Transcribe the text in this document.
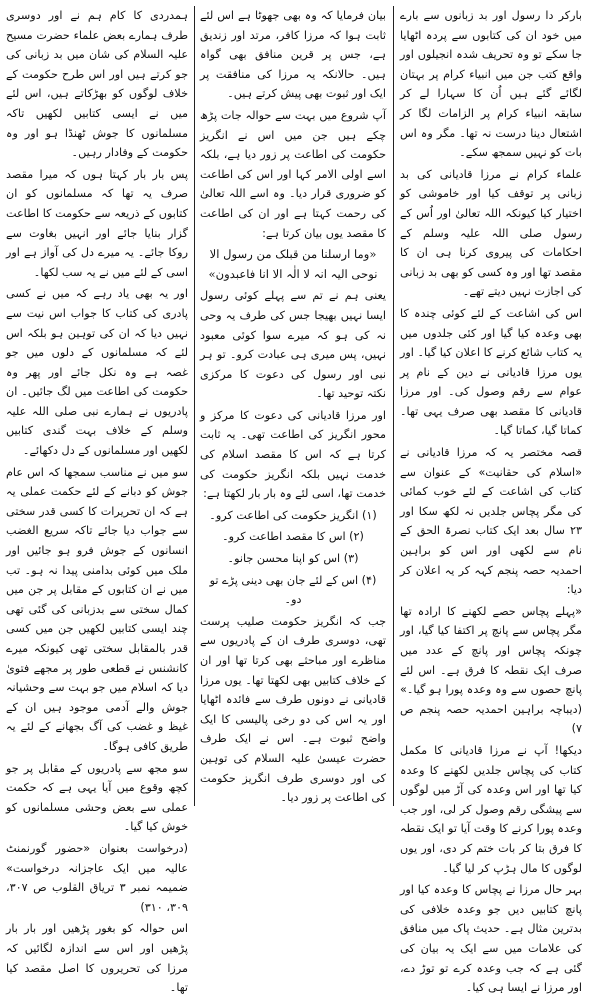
بارکر دا رسول اور بد زبانوں سے بارے میں خود ان کی کتابوں سے پردہ اٹھایا جا سکے تو وہ تحریف شدہ انجیلوں اور واقع کتب جن میں انبیاء کرام پر بہتان لگائے گئے ہیں اُن کا سہارا لے کر سابقہ انبیاء کرام پر الزامات لگا کر اشتعال دینا درست نہ تھا۔ مگر وہ اس بات کو نہیں سمجھ سکے۔

علماء کرام نے مرزا قادیانی کی بد زبانی پر توقف کیا اور خاموشی کو اختیار کیا کیونکہ اللہ تعالیٰ اور اُس کے رسول صلی اللہ علیہ وسلم کے احکامات کی پیروی کرنا ہی ان کا مقصد تھا اور وہ کسی کو بھی بد زبانی کی اجازت نہیں دیتے تھے۔

اس کی اشاعت کے لئے کوئی چندہ کا بھی وعدہ کیا گیا اور کئی جلدوں میں یہ کتاب شائع کرنے کا اعلان کیا گیا۔ اور یوں مرزا قادیانی نے دین کے نام پر عوام سے رقم وصول کی۔ اور مرزا قادیانی کا مقصد بھی صرف یہی تھا۔ کماتا گیا، کماتا گیا۔

قصہ مختصر یہ کہ مرزا قادیانی نے «اسلام کی حقانیت» کے عنوان سے کتاب کی اشاعت کے لئے خوب کمائی کی مگر پچاس جلدیں نہ لکھ سکا اور ۲۳ سال بعد ایک کتاب نصرۃ الحق کے نام سے لکھی اور اس کو براہین احمدیہ حصہ پنجم کہہ کر یہ اعلان کر دیا:

«پہلے پچاس حصے لکھنے کا ارادہ تھا مگر پچاس سے پانچ پر اکتفا کیا گیا، اور چونکہ پچاس اور پانچ کے عدد میں صرف ایک نقطہ کا فرق ہے۔ اس لئے پانچ حصوں سے وہ وعدہ پورا ہو گیا۔» (دیباچہ براہین احمدیہ حصہ پنجم ص ۷)

دیکھا! آپ نے مرزا قادیانی کا مکمل کتاب کی پچاس جلدیں لکھنے کا وعدہ کیا تھا اور اس وعدہ کی آڑ میں لوگوں سے پیشگی رقم وصول کر لی، اور جب وعدہ پورا کرنے کا وقت آیا تو ایک نقطہ کا فرق بتا کر بات ختم کر دی، اور یوں لوگوں کا مال ہڑپ کر لیا گیا۔

بہر حال مرزا نے پچاس کا وعدہ کیا اور پانچ کتابیں دیں جو وعدہ خلافی کی بدترین مثال ہے۔ حدیث پاک میں منافق کی علامات میں سے ایک یہ بیان کی گئی ہے کہ جب وعدہ کرے تو توڑ دے، اور مرزا نے ایسا ہی کیا۔

بیان فرمایا کہ وہ بھی جھوٹا ہے اس لئے ثابت ہوا کہ مرزا کافر، مرتد اور زندیق ہے، جس پر قرین منافق بھی گواہ ہیں۔ حالانکہ یہ مرزا کی منافقت پر ایک اور ثبوت بھی پیش کرتے ہیں۔

آپ شروع میں بہت سے حوالہ جات پڑھ چکے ہیں جن میں اس نے انگریز حکومت کی اطاعت پر زور دیا ہے، بلکہ اسے اولی الامر کہا اور اس کی اطاعت کو ضروری قرار دیا۔ وہ اسے اللہ تعالیٰ کی رحمت کہتا ہے اور ان کی اطاعت کا مقصد یوں بیان کرتا ہے:

«وما ارسلنا من قبلک من رسول الا نوحی الیہ انہ لا الٰہ الا انا فاعبدون»

یعنی ہم نے تم سے پہلے کوئی رسول ایسا نہیں بھیجا جس کی طرف یہ وحی نہ کی ہو کہ میرے سوا کوئی معبود نہیں، پس میری ہی عبادت کرو۔ تو ہر نبی اور رسول کی دعوت کا مرکزی نکتہ توحید تھا۔

اور مرزا قادیانی کی دعوت کا مرکز و محور انگریز کی اطاعت تھی۔ یہ ثابت کرتا ہے کہ اس کا مقصد اسلام کی خدمت نہیں بلکہ انگریز حکومت کی خدمت تھا، اسی لئے وہ بار بار لکھتا ہے:

(۱) انگریز حکومت کی اطاعت کرو۔

(۲) اس کا مقصد اطاعت کرو۔

(۳) اس کو اپنا محسن جانو۔

(۴) اس کے لئے جان بھی دینی پڑے تو دو۔

جب کہ انگریز حکومت صلیب پرست تھی، دوسری طرف ان کے پادریوں سے مناظرے اور مباحثے بھی کرتا تھا اور ان کے خلاف کتابیں بھی لکھتا تھا۔ یوں مرزا قادیانی نے دونوں طرف سے فائدہ اٹھایا اور یہ اس کی دو رخی پالیسی کا ایک واضح ثبوت ہے۔ اس نے ایک طرف حضرت عیسیٰ علیہ السلام کی توہین کی اور دوسری طرف انگریز حکومت کی اطاعت پر زور دیا۔

ہمدردی کا کام ہم نے اور دوسری طرف ہمارے بعض علماء حضرت مسیح علیہ السلام کی شان میں بد زبانی کی جو کرتے ہیں اور اس طرح حکومت کے خلاف لوگوں کو بھڑکاتے ہیں، اس لئے میں نے ایسی کتابیں لکھیں تاکہ مسلمانوں کا جوش ٹھنڈا ہو اور وہ حکومت کے وفادار رہیں۔

پس بار بار کہتا ہوں کہ میرا مقصد صرف یہ تھا کہ مسلمانوں کو ان کتابوں کے ذریعہ سے حکومت کا اطاعت گزار بنایا جائے اور انہیں بغاوت سے روکا جائے۔ یہ میرے دل کی آواز ہے اور اسی کے لئے میں نے یہ سب لکھا۔

اور یہ بھی یاد رہے کہ میں نے کسی پادری کی کتاب کا جواب اس نیت سے نہیں دیا کہ ان کی توہین ہو بلکہ اس لئے کہ مسلمانوں کے دلوں میں جو غصہ ہے وہ نکل جائے اور پھر وہ حکومت کی اطاعت میں لگ جائیں۔ ان پادریوں نے ہمارے نبی صلی اللہ علیہ وسلم کے خلاف بہت گندی کتابیں لکھیں اور مسلمانوں کے دل دکھائے۔

سو میں نے مناسب سمجھا کہ اس عام جوش کو دبانے کے لئے حکمت عملی یہ ہے کہ ان تحریرات کا کسی قدر سختی سے جواب دیا جائے تاکہ سریع الغضب انسانوں کے جوش فرو ہو جائیں اور ملک میں کوئی بدامنی پیدا نہ ہو۔ تب میں نے ان کتابوں کے مقابل پر جن میں کمال سختی سے بدزبانی کی گئی تھی چند ایسی کتابیں لکھیں جن میں کسی قدر بالمقابل سختی تھی کیونکہ میرے کانشنس نے قطعی طور پر مجھے فتویٰ دیا کہ اسلام میں جو بہت سے وحشیانہ جوش والے آدمی موجود ہیں ان کے غیظ و غضب کی آگ بجھانے کے لئے یہ طریق کافی ہوگا۔

سو مجھ سے پادریوں کے مقابل پر جو کچھ وقوع میں آیا یہی ہے کہ حکمت عملی سے بعض وحشی مسلمانوں کو خوش کیا گیا۔

(درخواست بعنوان «حضور گورنمنٹ عالیہ میں ایک عاجزانہ درخواست» ضمیمہ نمبر ۳ تریاق القلوب ص ۳۰۷، ۳۰۹، ۳۱۰)

اس حوالہ کو بغور پڑھیں اور بار بار پڑھیں اور اس سے اندازہ لگائیں کہ مرزا کی تحریروں کا اصل مقصد کیا تھا۔
